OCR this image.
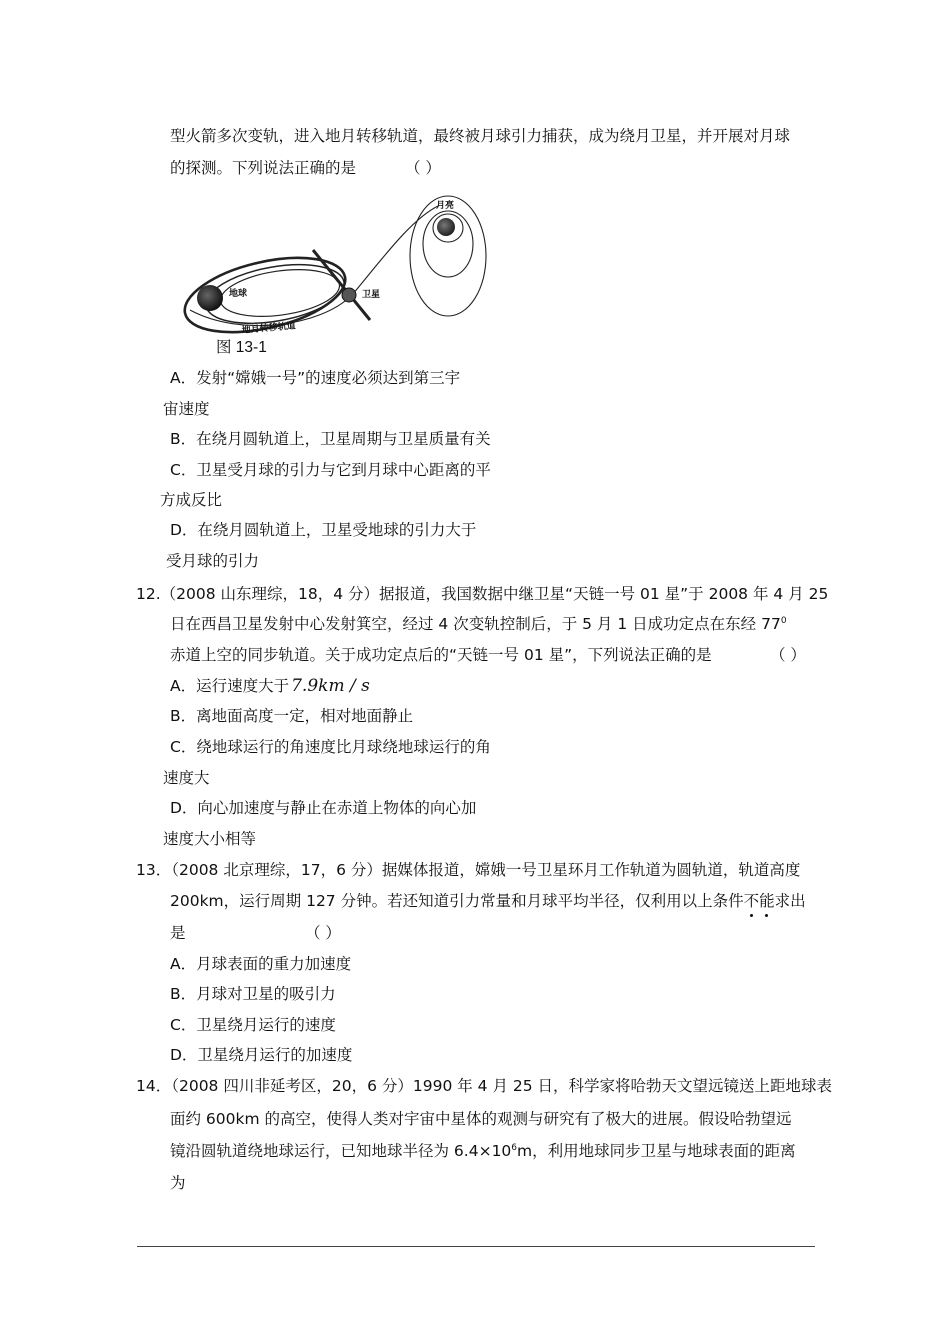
型火箭多次变轨，进入地月转移轨道，最终被月球引力捕获，成为绕月卫星，并开展对月球
的探测。下列说法正确的是	（ ）
月亮
地球	卫星
地月转移轨道
图 13-1
A．发射“嫦娥一号”的速度必须达到第三宇
宙速度
B．在绕月圆轨道上，卫星周期与卫星质量有关
C．卫星受月球的引力与它到月球中心距离的平
方成反比
D．在绕月圆轨道上，卫星受地球的引力大于
受月球的引力
12.（2008 山东理综，18，4 分）据报道，我国数据中继卫星“天链一号 01 星”于 2008 年 4 月 25
日在西昌卫星发射中心发射箕空，经过 4 次变轨控制后，于 5 月 1 日成功定点在东经 $77^0$
赤道上空的同步轨道。关于成功定点后的“天链一号 01 星”，下列说法正确的是	（ ）
A．运行速度大于 7.9km / s
B．离地面高度一定，相对地面静止
C．绕地球运行的角速度比月球绕地球运行的角
速度大
D．向心加速度与静止在赤道上物体的向心加
速度大小相等
13．（2008 北京理综，17，6 分）据媒体报道，嫦娥一号卫星环月工作轨道为圆轨道，轨道高度
200km，运行周期 127 分钟。若还知道引力常量和月球平均半径，仅利用以上条件不能求出
是	（ ）
A．月球表面的重力加速度
B．月球对卫星的吸引力
C．卫星绕月运行的速度
D．卫星绕月运行的加速度
14．（2008 四川非延考区，20，6 分）1990 年 4 月 25 日，科学家将哈勃天文望远镜送上距地球表
面约 600km 的高空，使得人类对宇宙中星体的观测与研究有了极大的进展。假设哈勃望远
镜沿圆轨道绕地球运行，已知地球半径为 $6.4\times 10^6m$，利用地球同步卫星与地球表面的距离
为
